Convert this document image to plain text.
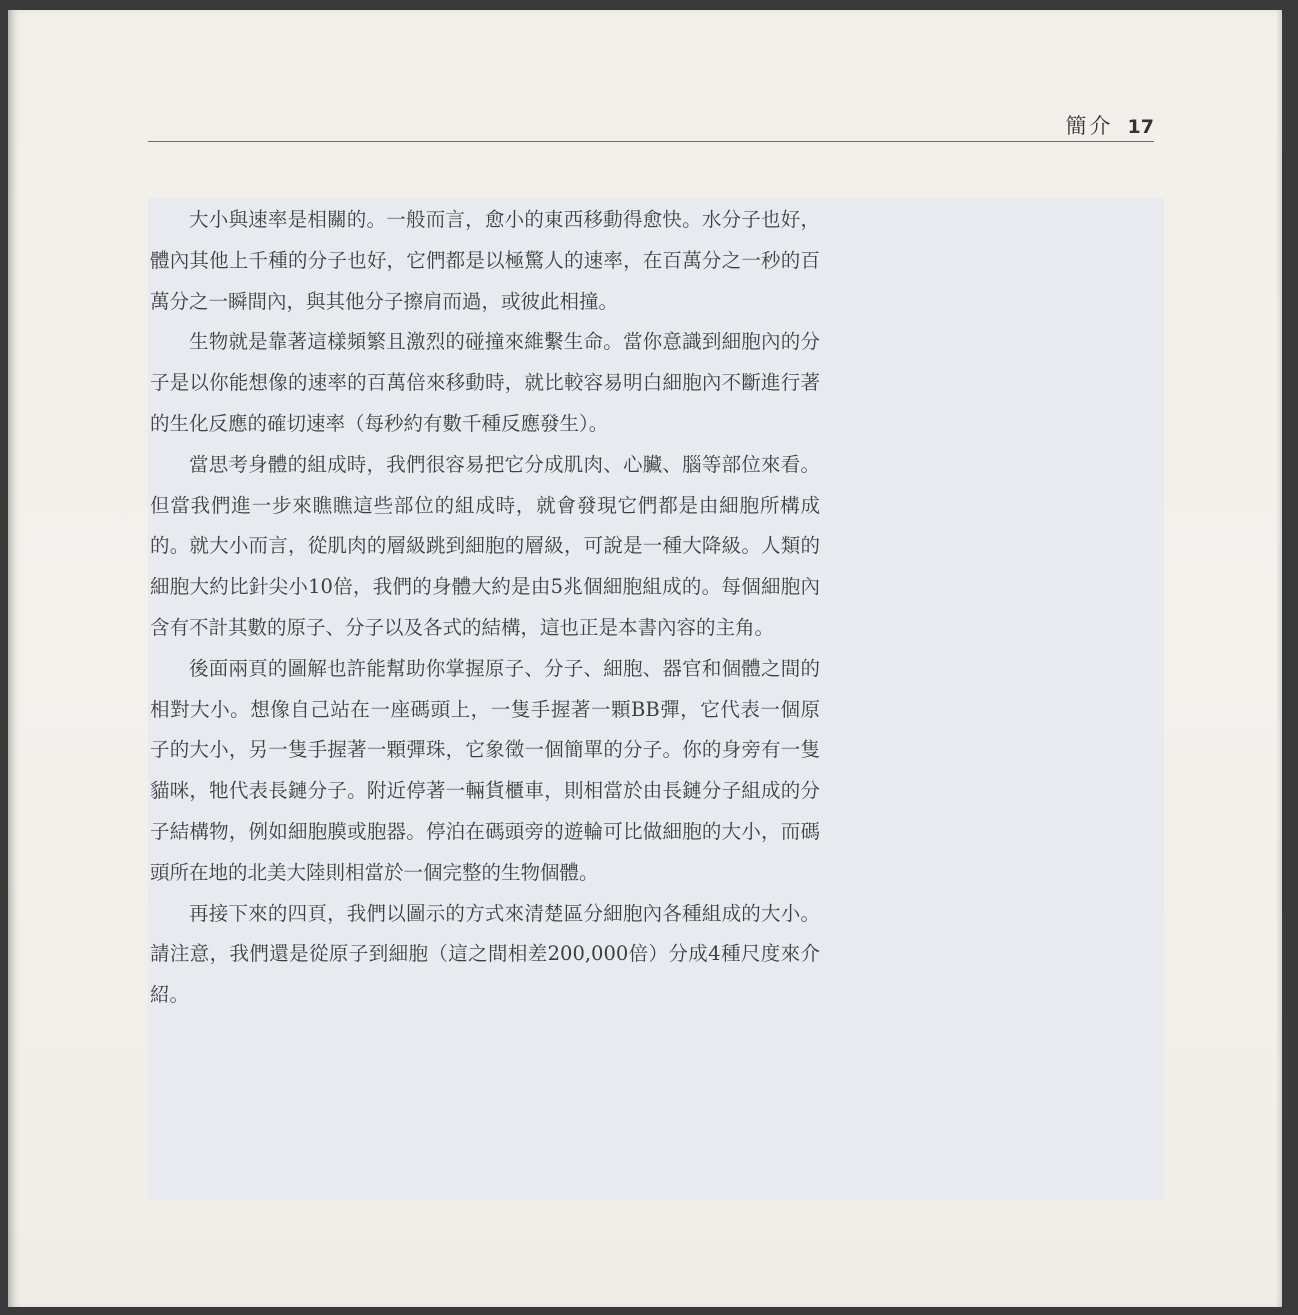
簡介 17

大小與速率是相關的。一般而言，愈小的東西移動得愈快。水分子也好，體內其他上千種的分子也好，它們都是以極驚人的速率，在百萬分之一秒的百萬分之一瞬間內，與其他分子擦肩而過，或彼此相撞。

生物就是靠著這樣頻繁且激烈的碰撞來維繫生命。當你意識到細胞內的分子是以你能想像的速率的百萬倍來移動時，就比較容易明白細胞內不斷進行著的生化反應的確切速率（每秒約有數千種反應發生）。

當思考身體的組成時，我們很容易把它分成肌肉、心臟、腦等部位來看。但當我們進一步來瞧瞧這些部位的組成時，就會發現它們都是由細胞所構成的。就大小而言，從肌肉的層級跳到細胞的層級，可說是一種大降級。人類的細胞大約比針尖小10倍，我們的身體大約是由5兆個細胞組成的。每個細胞內含有不計其數的原子、分子以及各式的結構，這也正是本書內容的主角。

後面兩頁的圖解也許能幫助你掌握原子、分子、細胞、器官和個體之間的相對大小。想像自己站在一座碼頭上，一隻手握著一顆BB彈，它代表一個原子的大小，另一隻手握著一顆彈珠，它象徵一個簡單的分子。你的身旁有一隻貓咪，牠代表長鏈分子。附近停著一輛貨櫃車，則相當於由長鏈分子組成的分子結構物，例如細胞膜或胞器。停泊在碼頭旁的遊輪可比做細胞的大小，而碼頭所在地的北美大陸則相當於一個完整的生物個體。

再接下來的四頁，我們以圖示的方式來清楚區分細胞內各種組成的大小。請注意，我們還是從原子到細胞（這之間相差200,000倍）分成4種尺度來介紹。
